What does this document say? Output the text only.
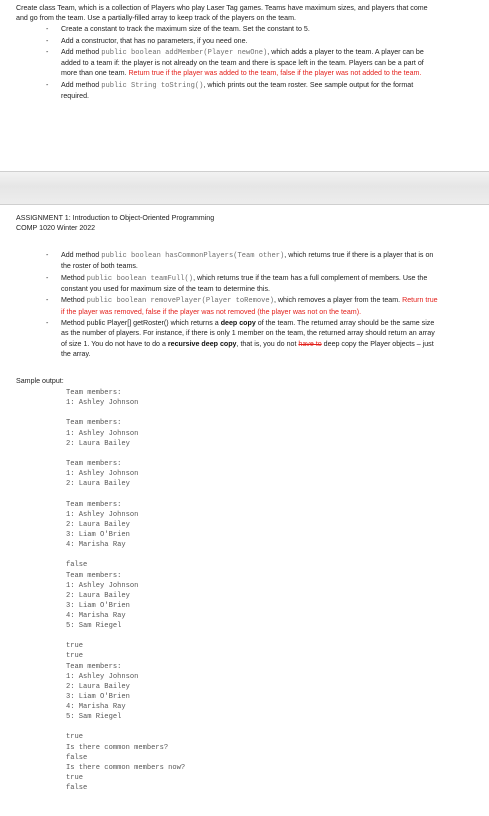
Create class Team, which is a collection of Players who play Laser Tag games. Teams have maximum sizes, and players that come and go from the team. Use a partially-filled array to keep track of the players on the team.
- Create a constant to track the maximum size of the team. Set the constant to 5.
- Add a constructor, that has no parameters, if you need one.
- Add method public boolean addMember(Player newOne), which adds a player to the team. A player can be added to a team if: the player is not already on the team and there is space left in the team. Players can be a part of more than one team. Return true if the player was added to the team, false if the player was not added to the team.
- Add method public String toString(), which prints out the team roster. See sample output for the format required.
ASSIGNMENT 1: Introduction to Object-Oriented Programming
COMP 1020 Winter 2022
- Add method public boolean hasCommonPlayers(Team other), which returns true if there is a player that is on the roster of both teams.
- Method public boolean teamFull(), which returns true if the team has a full complement of members. Use the constant you used for maximum size of the team to determine this.
- Method public boolean removePlayer(Player toRemove), which removes a player from the team. Return true if the player was removed, false if the player was not removed (the player was not on the team).
- Method public Player[] getRoster() which returns a deep copy of the team. The returned array should be the same size as the number of players. For instance, if there is only 1 member on the team, the returned array should return an array of size 1. You do not have to do a recursive deep copy, that is, you do not have to deep copy the Player objects – just the array.
Sample output:
Team members:
1: Ashley Johnson
Team members:
1: Ashley Johnson
2: Laura Bailey
Team members:
1: Ashley Johnson
2: Laura Bailey
Team members:
1: Ashley Johnson
2: Laura Bailey
3: Liam O'Brien
4: Marisha Ray
false
Team members:
1: Ashley Johnson
2: Laura Bailey
3: Liam O'Brien
4: Marisha Ray
5: Sam Riegel
true
true
Team members:
1: Ashley Johnson
2: Laura Bailey
3: Liam O'Brien
4: Marisha Ray
5: Sam Riegel
true
Is there common members?
false
Is there common members now?
true
false
